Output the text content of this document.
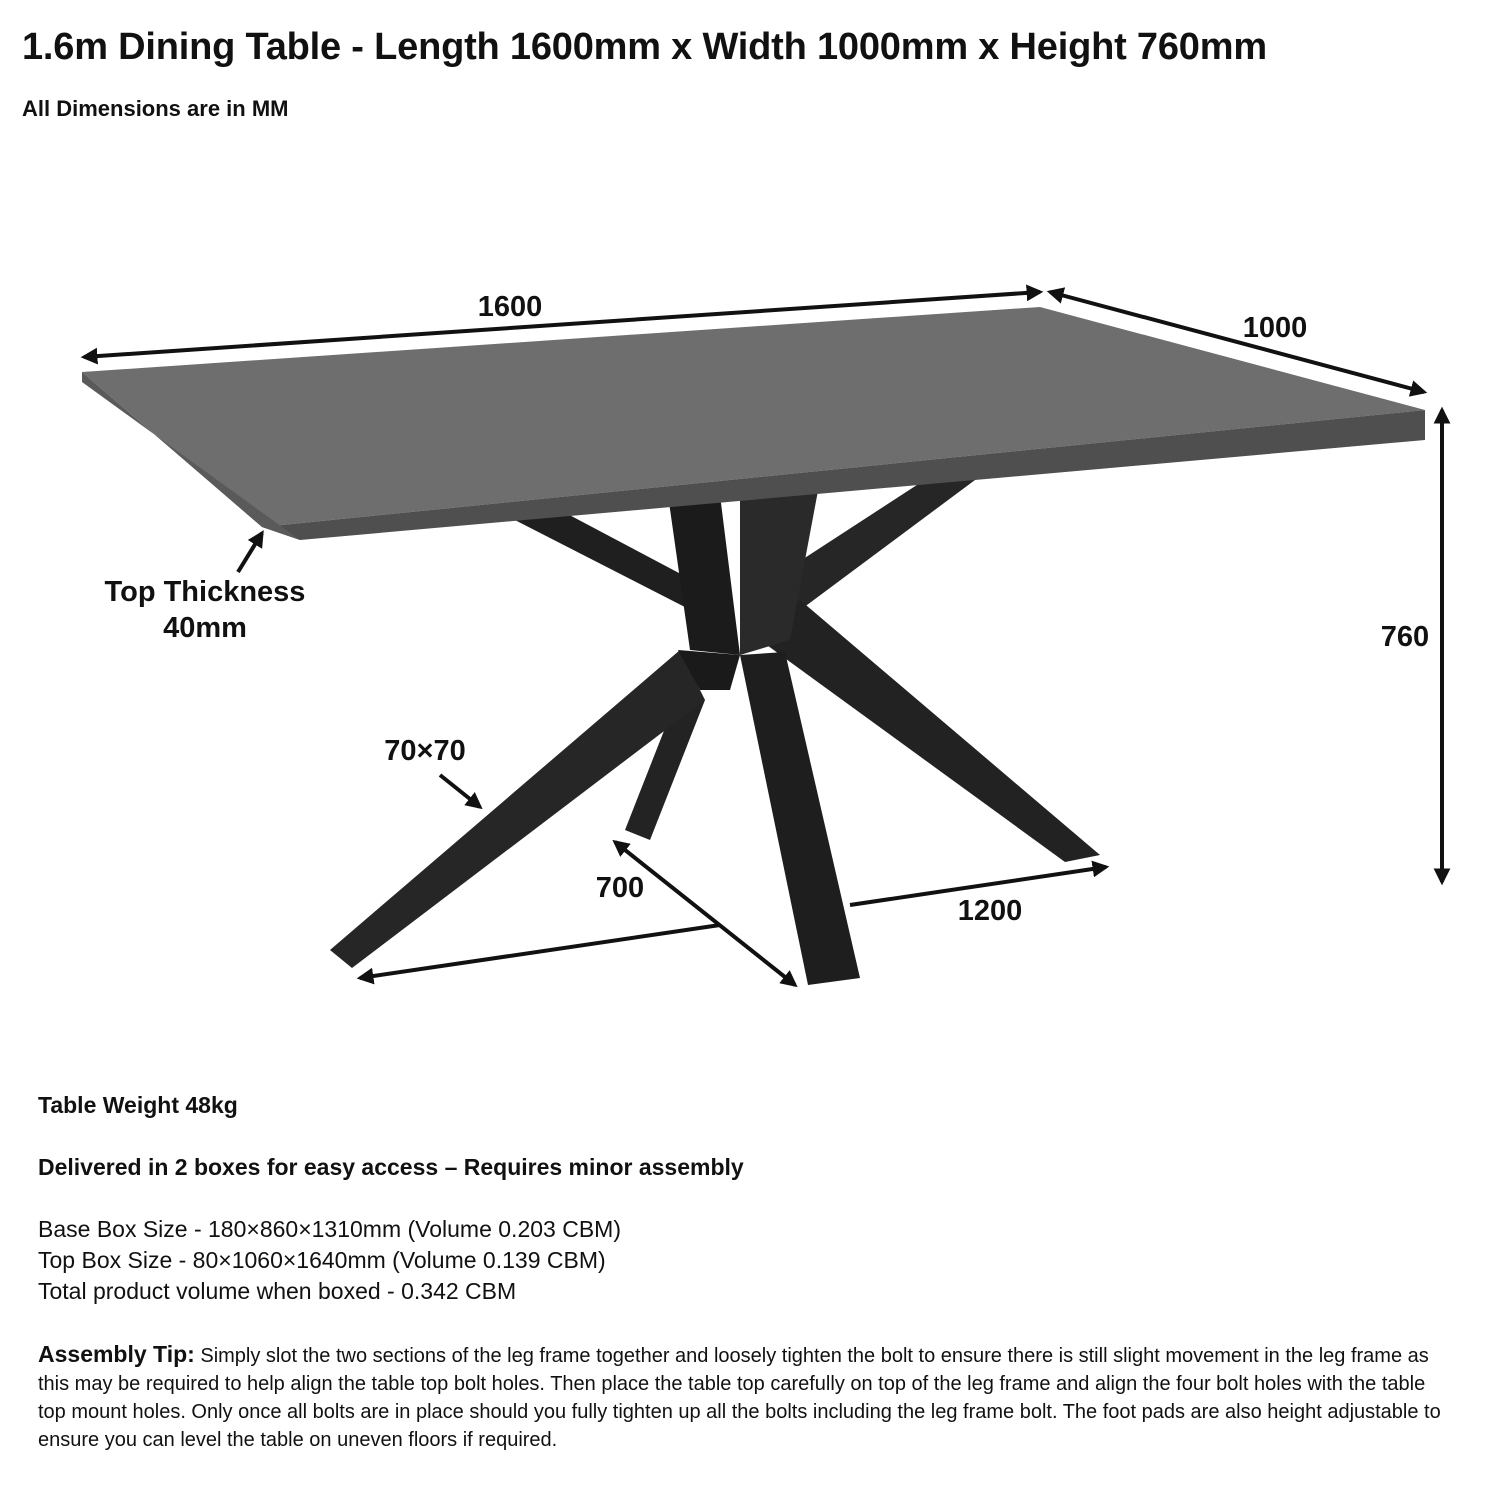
1.6m Dining Table - Length 1600mm x Width 1000mm x Height 760mm

All Dimensions are in MM

1600
1000
760
Top Thickness
40mm
70×70
700
1200

Table Weight 48kg

Delivered in 2 boxes for easy access – Requires minor assembly

Base Box Size - 180×860×1310mm (Volume 0.203 CBM)
Top Box Size - 80×1060×1640mm (Volume 0.139 CBM)
Total product volume when boxed - 0.342 CBM

Assembly Tip: Simply slot the two sections of the leg frame together and loosely tighten the bolt to ensure there is still slight movement in the leg frame as this may be required to help align the table top bolt holes. Then place the table top carefully on top of the leg frame and align the four bolt holes with the table top mount holes. Only once all bolts are in place should you fully tighten up all the bolts including the leg frame bolt. The foot pads are also height adjustable to ensure you can level the table on uneven floors if required.
